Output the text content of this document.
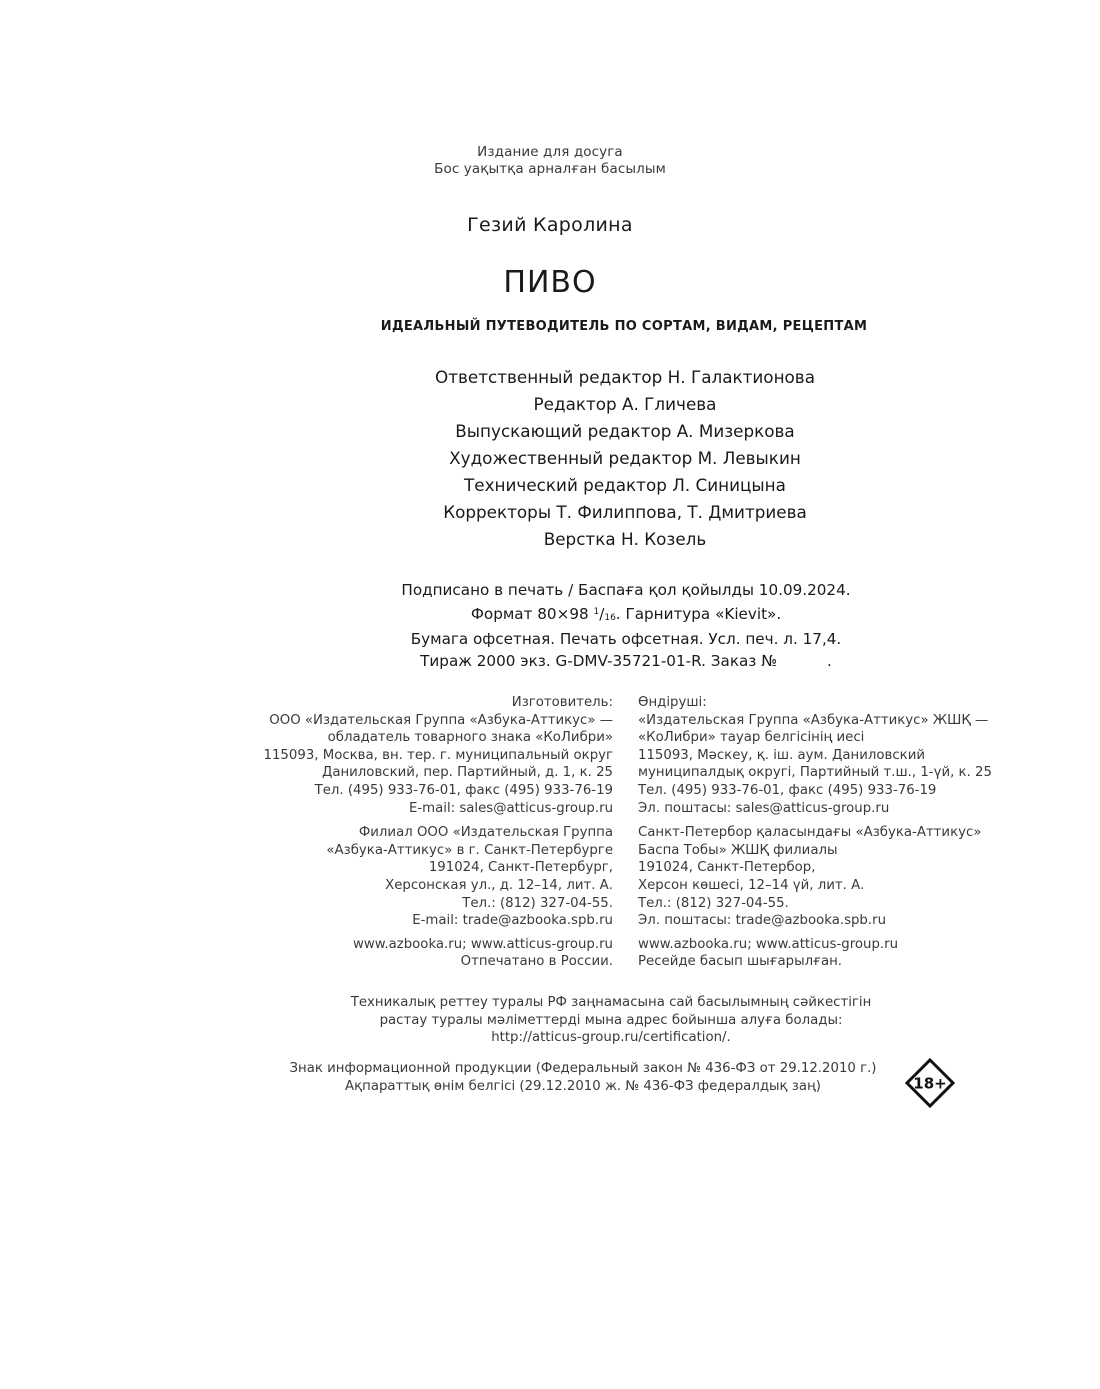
Издание для досуга
Бос уақытқа арналған басылым
Гезий Каролина
ПИВО
ИДЕАЛЬНЫЙ ПУТЕВОДИТЕЛЬ ПО СОРТАМ, ВИДАМ, РЕЦЕПТАМ
Ответственный редактор Н. Галактионова
Редактор А. Гличева
Выпускающий редактор А. Мизеркова
Художественный редактор М. Левыкин
Технический редактор Л. Синицына
Корректоры Т. Филиппова, Т. Дмитриева
Верстка Н. Козель
Подписано в печать / Баспаға қол қойылды 10.09.2024.
Формат 80×98 $^1$/16. Гарнитура «Kievit».
Бумага офсетная. Печать офсетная. Усл. печ. л. 17,4.
Тираж 2000 экз. G-DMV-35721-01-R. Заказ №	.
Изготовитель:
ООО «Издательская Группа «Азбука-Аттикус» —
обладатель товарного знака «КоЛибри»
115093, Москва, вн. тер. г. муниципальный округ
Даниловский, пер. Партийный, д. 1, к. 25
Тел. (495) 933-76-01, факс (495) 933-76-19
E-mail: sales@atticus-group.ru
Филиал ООО «Издательская Группа
«Азбука-Аттикус» в г. Санкт-Петербурге
191024, Санкт-Петербург,
Херсонская ул., д. 12–14, лит. А.
Тел.: (812) 327-04-55.
E-mail: trade@azbooka.spb.ru
www.azbooka.ru; www.atticus-group.ru
Отпечатано в России.
Өндіруші:
«Издательская Группа «Азбука-Аттикус» ЖШҚ —
«КоЛибри» тауар белгісінің иесі
115093, Мәскеу, қ. іш. аум. Даниловский
муниципалдық округі, Партийный т.ш., 1-үй, к. 25
Тел. (495) 933-76-01, факс (495) 933-76-19
Эл. поштасы: sales@atticus-group.ru
Санкт-Петербор қаласындағы «Азбука-Аттикус»
Баспа Тобы» ЖШҚ филиалы
191024, Санкт-Петербор,
Херсон көшесі, 12–14 үй, лит. А.
Тел.: (812) 327-04-55.
Эл. поштасы: trade@azbooka.spb.ru
www.azbooka.ru; www.atticus-group.ru
Ресейде басып шығарылған.
Техникалық реттеу туралы РФ заңнамасына сай басылымның сәйкестігін
растау туралы мәліметтерді мына адрес бойынша алуға болады:
http://atticus-group.ru/certification/.
Знак информационной продукции (Федеральный закон № 436-ФЗ от 29.12.2010 г.)
Ақпараттық өнім белгісі (29.12.2010 ж. № 436-ФЗ федералдық заң)	18+
